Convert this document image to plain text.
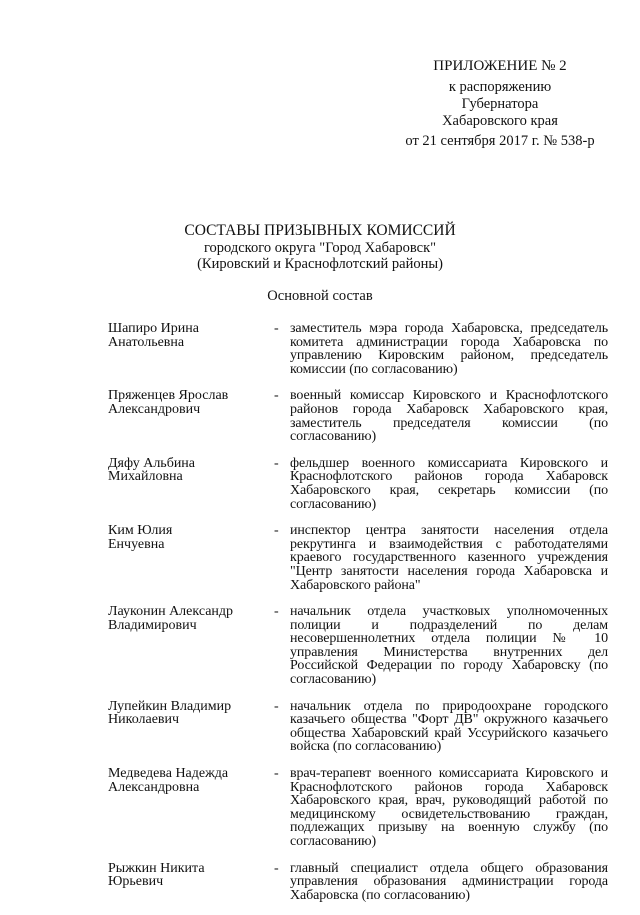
ПРИЛОЖЕНИЕ № 2
к распоряжению
Губернатора
Хабаровского края
от 21 сентября 2017 г. № 538-р
СОСТАВЫ ПРИЗЫВНЫХ КОМИССИЙ
городского округа "Город Хабаровск"
(Кировский и Краснофлотский районы)
Основной состав
Шапиро Ирина
Анатольевна
- заместитель мэра города Хабаровска, председатель комитета администрации города Хабаровска по управлению Кировским районом, председатель комиссии (по согласованию)
Пряженцев Ярослав
Александрович
- военный комиссар Кировского и Краснофлотского районов города Хабаровск Хабаровского края, заместитель председателя комиссии (по согласованию)
Дяфу Альбина
Михайловна
- фельдшер военного комиссариата Кировского и Краснофлотского районов города Хабаровск Хабаровского края, секретарь комиссии (по согласованию)
Ким Юлия
Енчуевна
- инспектор центра занятости населения отдела рекрутинга и взаимодействия с работодателями краевого государственного казенного учреждения "Центр занятости населения города Хабаровска и Хабаровского района"
Лауконин Александр
Владимирович
- начальник отдела участковых уполномоченных полиции и подразделений по делам несовершеннолетних отдела полиции № 10 управления Министерства внутренних дел Российской Федерации по городу Хабаровску (по согласованию)
Лупейкин Владимир
Николаевич
- начальник отдела по природоохране городского казачьего общества "Форт ДВ" окружного казачьего общества Хабаровский край Уссурийского казачьего войска (по согласованию)
Медведева Надежда
Александровна
- врач-терапевт военного комиссариата Кировского и Краснофлотского районов города Хабаровск Хабаровского края, врач, руководящий работой по медицинскому освидетельствованию граждан, подлежащих призыву на военную службу (по согласованию)
Рыжкин Никита
Юрьевич
- главный специалист отдела общего образования управления образования администрации города Хабаровска (по согласованию)
